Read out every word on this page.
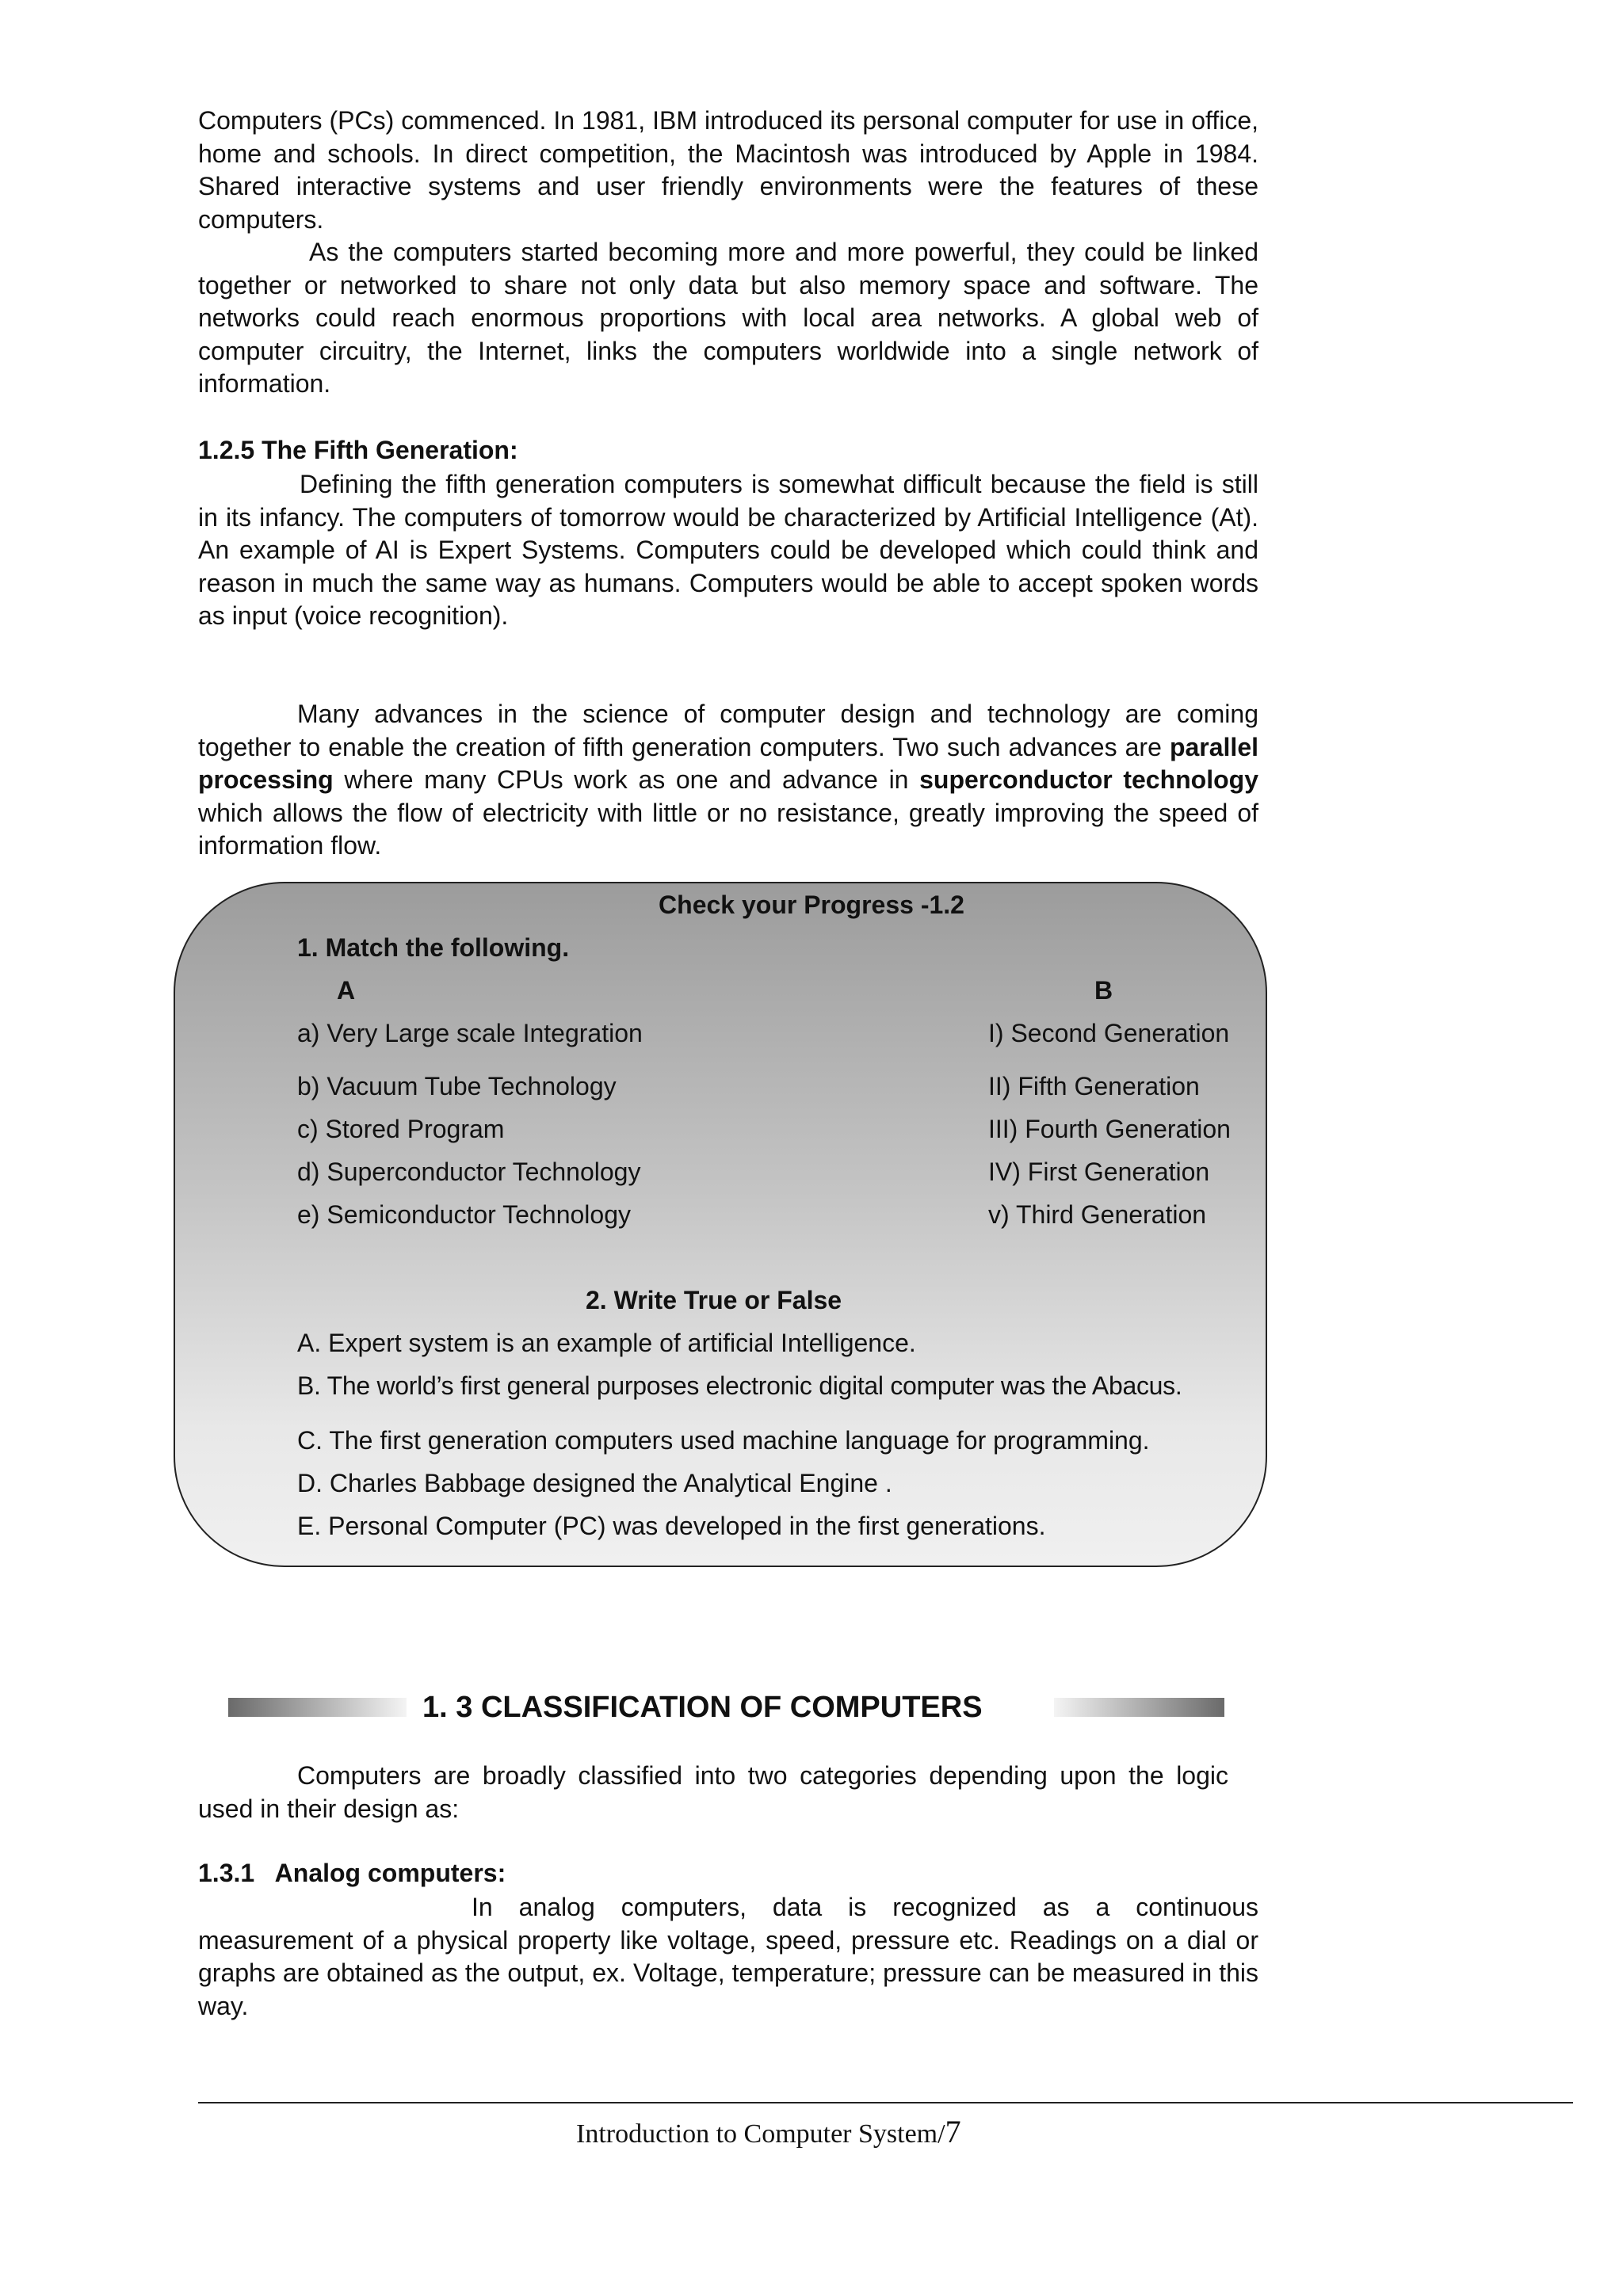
Computers (PCs) commenced. In 1981, IBM introduced its personal computer for use in office, home and schools. In direct competition, the Macintosh was introduced by Apple in 1984. Shared interactive systems and user friendly environments were the features of these computers.

As the computers started becoming more and more powerful, they could be linked together or networked to share not only data but also memory space and software. The networks could reach enormous proportions with local area networks. A global web of computer circuitry, the Internet, links the computers worldwide into a single network of information.

1.2.5 The Fifth Generation:

Defining the fifth generation computers is somewhat difficult because the field is still in its infancy. The computers of tomorrow would be characterized by Artificial Intelligence (At). An example of AI is Expert Systems. Computers could be developed which could think and reason in much the same way as humans. Computers would be able to accept spoken words as input (voice recognition).

Many advances in the science of computer design and technology are coming together to enable the creation of fifth generation computers. Two such advances are parallel processing where many CPUs work as one and advance in superconductor technology which allows the flow of electricity with little or no resistance, greatly improving the speed of information flow.

Check your Progress -1.2
1. Match the following.
A	B
a) Very Large scale Integration
b) Vacuum Tube Technology
c) Stored Program
d) Superconductor Technology
e) Semiconductor Technology
I) Second Generation
II) Fifth Generation
III) Fourth Generation
IV) First Generation
v) Third Generation
2. Write True or False
A. Expert system is an example of artificial Intelligence.
B. The world’s first general purposes electronic digital computer was the Abacus.
C. The first generation computers used machine language for programming.
D. Charles Babbage designed the Analytical Engine .
E. Personal Computer (PC) was developed in the first generations.
1. 3 CLASSIFICATION OF COMPUTERS

Computers are broadly classified into two categories depending upon the logic used in their design as:

1.3.1   Analog computers:

In analog computers, data is recognized as a continuous measurement of a physical property like voltage, speed, pressure etc. Readings on a dial or graphs are obtained as the output, ex. Voltage, temperature; pressure can be measured in this way.

Introduction to Computer System/7
